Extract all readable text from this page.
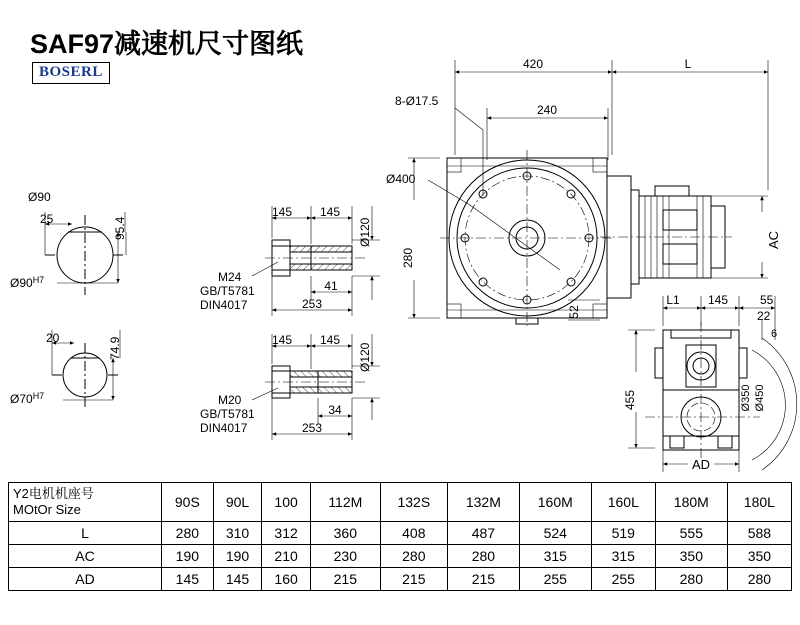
SAF97减速机尺寸图纸
BOSERL
Ø90
25	95.4
$Ø90^{H7}$
20	74.9
$Ø70^{H7}$
145 145
Ø120
M24
GB/T5781
DIN4017
41
253
145 145
Ø120
M20
GB/T5781
DIN4017
34
253
420	L
8-Ø17.5
240
Ø400
280
52
AC
L1 145	55
22
6
455	Ø350 Ø450
AD
Y2电机机座号
MOtOr Size	90S	90L	100	112M	132S	132M	160M	160L	180M	180L
L	280	310	312	360	408	487	524	519	555	588
AC	190	190	210	230	280	280	315	315	350	350
AD	145	145	160	215	215	215	255	255	280	280
